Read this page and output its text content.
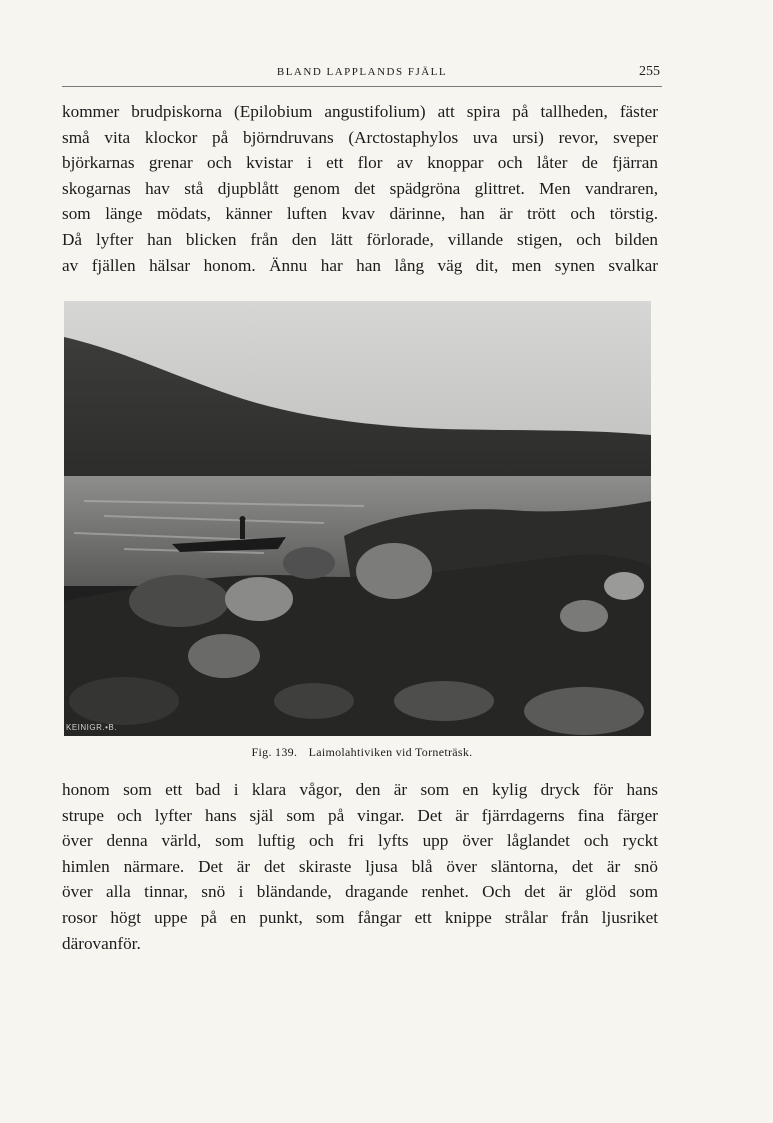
BLAND LAPPLANDS FJÄLL	255
kommer brudpiskorna (Epilobium angustifolium) att spira på tallheden, fäster
små vita klockor på björndruvans (Arctostaphylos uva ursi) revor, sveper
björkarnas grenar och kvistar i ett flor av knoppar och låter de fjärran
skogarnas hav stå djupblått genom det spädgröna glittret. Men vandraren,
som länge mödats, känner luften kvav därinne, han är trött och törstig.
Då lyfter han blicken från den lätt förlorade, villande stigen, och bilden
av fjällen hälsar honom. Ännu har han lång väg dit, men synen svalkar
KEINIGR.•B.
Fig. 139. Laimolahtiviken vid Torneträsk.
honom som ett bad i klara vågor, den är som en kylig dryck för hans
strupe och lyfter hans själ som på vingar. Det är fjärrdagerns fina färger
över denna värld, som luftig och fri lyfts upp över låglandet och ryckt
himlen närmare. Det är det skiraste ljusa blå över släntorna, det är snö
över alla tinnar, snö i bländande, dragande renhet. Och det är glöd som
rosor högt uppe på en punkt, som fångar ett knippe strålar från ljusriket
därovanför.
